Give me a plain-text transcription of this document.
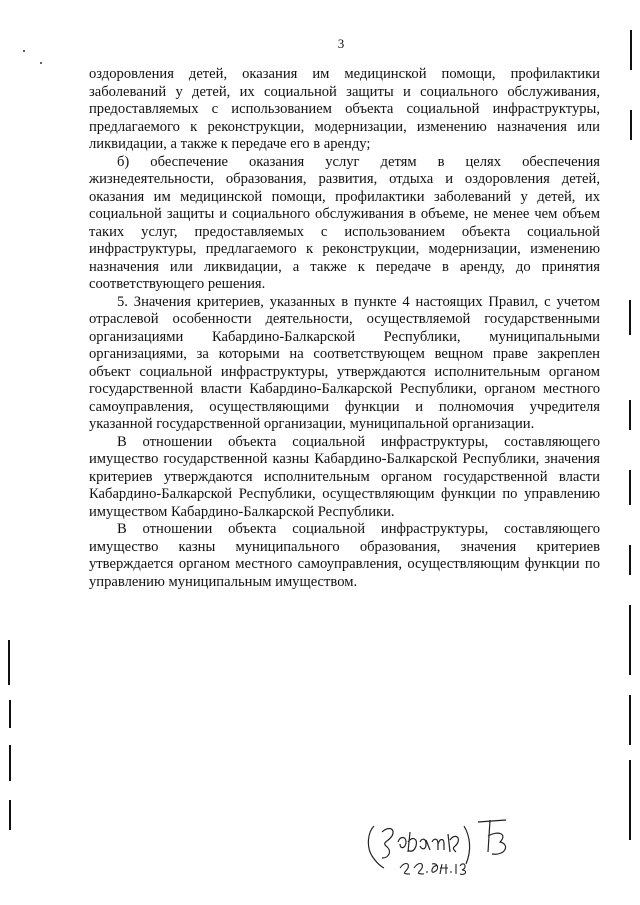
3

оздоровления детей, оказания им медицинской помощи, профилактики заболеваний у детей, их социальной защиты и социального обслуживания, предоставляемых с использованием объекта социальной инфраструктуры, предлагаемого к реконструкции, модернизации, изменению назначения или ликвидации, а также к передаче его в аренду;

б) обеспечение оказания услуг детям в целях обеспечения жизнедеятельности, образования, развития, отдыха и оздоровления детей, оказания им медицинской помощи, профилактики заболеваний у детей, их социальной защиты и социального обслуживания в объеме, не менее чем объем таких услуг, предоставляемых с использованием объекта социальной инфраструктуры, предлагаемого к реконструкции, модернизации, изменению назначения или ликвидации, а также к передаче в аренду, до принятия соответствующего решения.

5. Значения критериев, указанных в пункте 4 настоящих Правил, с учетом отраслевой особенности деятельности, осуществляемой государственными организациями Кабардино-Балкарской Республики, муниципальными организациями, за которыми на соответствующем вещном праве закреплен объект социальной инфраструктуры, утверждаются исполнительным органом государственной власти Кабардино-Балкарской Республики, органом местного самоуправления, осуществляющими функции и полномочия учредителя указанной государственной организации, муниципальной организации.

В отношении объекта социальной инфраструктуры, составляющего имущество государственной казны Кабардино-Балкарской Республики, значения критериев утверждаются исполнительным органом государственной власти Кабардино-Балкарской Республики, осуществляющим функции по управлению имуществом Кабардино-Балкарской Республики.

В отношении объекта социальной инфраструктуры, составляющего имущество казны муниципального образования, значения критериев утверждается органом местного самоуправления, осуществляющим функции по управлению муниципальным имуществом.
